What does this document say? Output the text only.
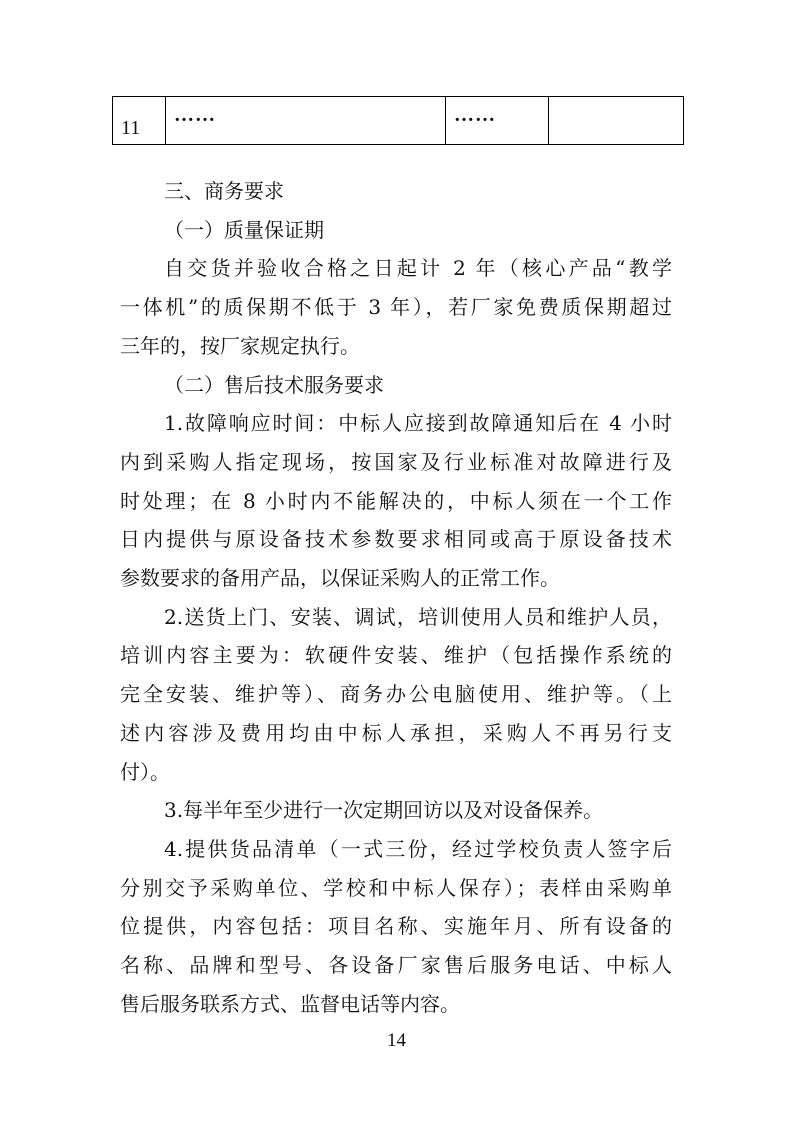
11	……	……	

三、商务要求

（一）质量保证期

自交货并验收合格之日起计 2 年（核心产品“教学
一体机”的质保期不低于 3 年），若厂家免费质保期超过
三年的，按厂家规定执行。

（二）售后技术服务要求

1.故障响应时间：中标人应接到故障通知后在 4 小时
内到采购人指定现场，按国家及行业标准对故障进行及
时处理；在 8 小时内不能解决的，中标人须在一个工作
日内提供与原设备技术参数要求相同或高于原设备技术
参数要求的备用产品，以保证采购人的正常工作。

2.送货上门、安装、调试，培训使用人员和维护人员，
培训内容主要为：软硬件安装、维护（包括操作系统的
完全安装、维护等）、商务办公电脑使用、维护等。（上
述内容涉及费用均由中标人承担，采购人不再另行支
付）。

3.每半年至少进行一次定期回访以及对设备保养。

4.提供货品清单（一式三份，经过学校负责人签字后
分别交予采购单位、学校和中标人保存）；表样由采购单
位提供，内容包括：项目名称、实施年月、所有设备的
名称、品牌和型号、各设备厂家售后服务电话、中标人
售后服务联系方式、监督电话等内容。

14
